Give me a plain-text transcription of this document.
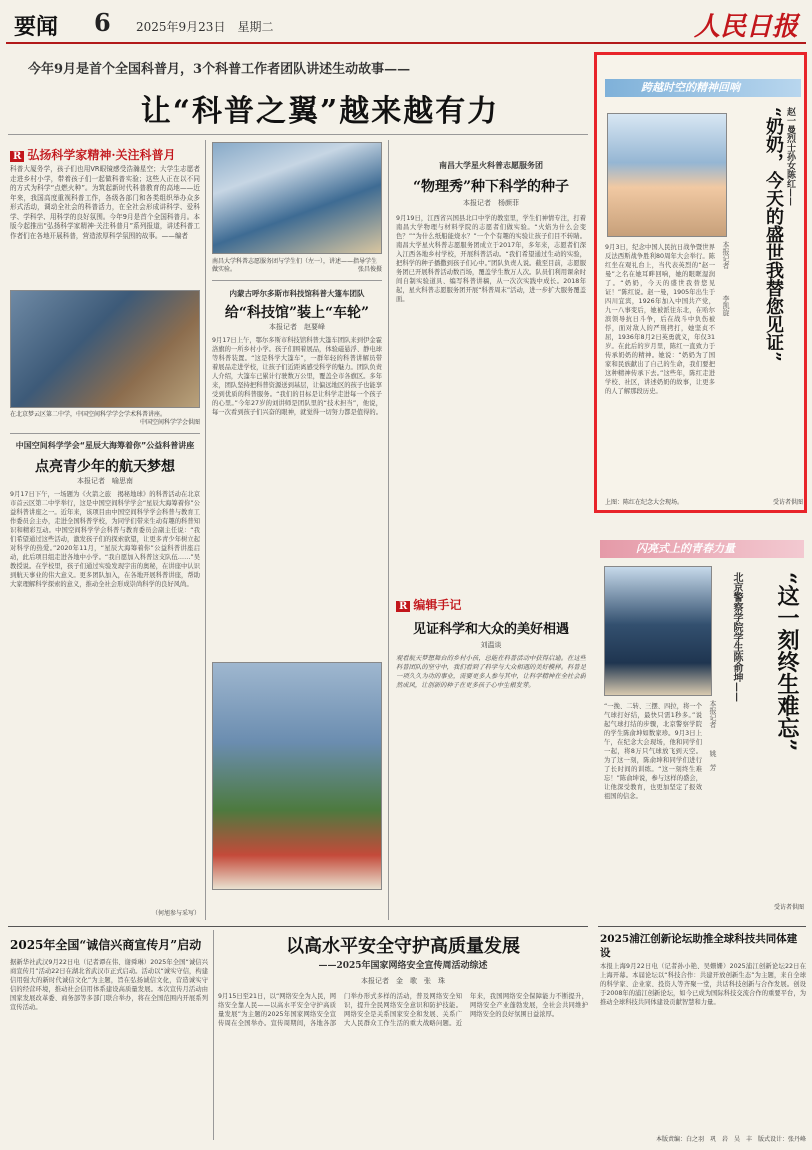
要闻 6 2025年9月23日　星期二	人民日报
今年9月是首个全国科普月，3个科普工作者团队讲述生动故事——
让“科普之翼”越来越有力
R 弘扬科学家精神·关注科普月
科普大厦务学，孩子们也用VR眼镜感受浩瀚星空；大学生志愿者走进乡村小学，带着孩子们一起做科普实验；这些人正在以不同的方式为科学“点燃火种”。为筑起新时代科普教育的高地——近年来，我国高度重视科普工作，各级各部门和各类组织举办众多形式活动，调动全社会的科普活力，在全社会形成讲科学、爱科学、学科学、用科学的良好氛围。今年9月是首个全国科普月。本版今起推出“弘扬科学家精神·关注科普月”系列报道，讲述科普工作者们在各地开展科普，营造浓厚科学氛围的故事。——编者
在北京梦云区第二中学，中国空间科学学会学术科普讲座。
中国空间科学学会供图
中国空间科学学会“星辰大海筹着你”公益科普讲座
点亮青少年的航天梦想
本报记者　喻思南
9月17日下午，一场题为《火箭之旅　揭秘地球》的科普活动在北京市首云区第二中学举行，这是中国空间科学学会“星辰大海筹着你”公益科普讲座之一。近年来，该项目由中国空间科学学会科普与教育工作委员会主办，走进全国科普学校，为同学们带来生动有趣的科普知识和精彩互动。中国空间科学学会科普与教育委员会副主任说：“我们希望通过这些活动，激发孩子们的探索欲望，让更多青少年树立起对科学的热爱。”2020年11月，“星辰大海筹着你”公益科普讲座启动，此后项目组走进各地中小学。“我自愿加入科普这支队伍……”吴教授说。在学校里，孩子们通过实验发现宇宙的奥秘，在讲座中认识到航天事业的伟大意义。更多团队加入，在各地开展科普讲座，帮助大家理解科学探索的意义，推动全社会形成崇尚科学的良好风尚。
（何旭参与采写）
南昌大学科普志愿服务团与学生们（左一），讲述——指导学生做实验。	张昌俊摄
内蒙古呼尔多斯市科技馆科普大篷车团队
给“科技馆”装上“车轮”
本报记者　赵要峰
9月17日上午，鄂尔多斯市科技馆科普大篷车团队来到伊金霍洛旗的一所乡村小学。孩子们围着展品，体验磁悬浮、静电球等科普装置。“这是科学大篷车”，一群年轻的科普讲解员带着展品走进学校，让孩子们近距离感受科学的魅力。团队负责人介绍，大篷车已累计行驶数万公里，覆盖全市各旗区。多年来，团队坚持把科普资源送到基层，让偏远地区的孩子也能享受到优质的科普服务。“我们的目标是让科学走进每一个孩子的心里。”今年27岁的刘讲师是团队里的“技术担当”，他说，每一次看到孩子们兴奋的眼神，就觉得一切努力都是值得的。
南昌大学星火科普志愿服务团
“物理秀”种下科学的种子
本报记者　杨颜菲
9月19日，江西省兴国县北口中学的教室里，学生们神情专注，打着南昌大学物理与材料学院的志愿者们做实验。“火焰为什么会变色？”“为什么纸船能烧水？”一个个有趣的实验让孩子们目不转睛。南昌大学星火科普志愿服务团成立于2017年，多年来，志愿者们深入江西各地乡村学校，开展科普活动。“我们希望通过生动的实验，把科学的种子播撒到孩子们心中。”团队负责人说。截至目前，志愿服务团已开展科普活动数百场，覆盖学生数万人次。队员们利用课余时间自制实验道具、编写科普讲稿，从一次次实践中成长。2018年起，星火科普志愿服务团开展“科普周末”活动，进一步扩大服务覆盖面。
R 编辑手记
见证科学和大众的美好相遇
刘温谈
观看航天梦想舞台的乡村小孩，总能在科普活动中获得启迪。在这些科普团队的坚守中，我们看到了科学与大众相遇的美好模样。科普是一项久久为功的事业，需要更多人参与其中，让科学精神在全社会蔚然成风，让创新的种子在更多孩子心中生根发芽。
2025年全国“诚信兴商宣传月”启动
据新华社武汉9月22日电（记者谭在伟、谢舜琳）2025年全国“诚信兴商宣传月”活动22日在湖北省武汉市正式启动。活动以“诚实守信，构建信用强大的新时代诚信文化”为主题，旨在弘扬诚信文化，营造诚实守信的经营环境，推动社会信用体系建设高质量发展。本次宣传月活动由国家发展改革委、商务部等多部门联合举办，将在全国范围内开展系列宣传活动。
以高水平安全守护高质量发展
——2025年国家网络安全宣传周活动综述
本报记者　金　歌　张　珠
9月15日至21日，以“网络安全为人民，网络安全靠人民——以高水平安全守护高质量发展”为主题的2025年国家网络安全宣传周在全国举办。宣传周期间，各地各部门举办形式多样的活动，普及网络安全知识，提升全民网络安全意识和防护技能。网络安全是关系国家安全和发展、关系广大人民群众工作生活的重大战略问题。近年来，我国网络安全保障能力不断提升，网络安全产业蓬勃发展，全社会共同维护网络安全的良好氛围日益浓厚。
跨越时空的精神回响
赵一曼烈士孙女陈红——
“奶奶，今天的盛世我替您见证”
本报记者
李凯旋
9月3日，纪念中国人民抗日战争暨世界反法西斯战争胜利80周年大会举行。陈红坐在观礼台上，当代表英烈的“赵一曼”之名在她耳畔回响，她的眼眶湿润了。“奶奶，今天的盛世我替您见证！”陈红说。赵一曼，1905年出生于四川宜宾，1926年加入中国共产党，九一八事变后，她被派往东北，在哈尔滨领导抗日斗争，后在战斗中负伤被俘，面对敌人的严刑拷打，她坚贞不屈，1936年8月2日英勇就义，年仅31岁。在此后的岁月里，陈红一直致力于传承奶奶的精神。她说：“奶奶为了国家和民族献出了自己的生命，我们要把这种精神传承下去。”这些年，陈红走进学校、社区，讲述奶奶的故事，让更多的人了解那段历史。
上图：陈红在纪念大会现场。	受访者供图
闪亮式上的青春力量
北京警察学院学生陈俞坤——	“这一刻终生难忘”
本报记者
姚　芳
“一挽、二转、三摆、四拉，将一个气球打好结，最快只需1秒多。”说起气球打结的步骤，北京警察学院的学生陈俞坤如数家珍。9月3日上午，在纪念大会现场，他和同学们一起，将8万只气球放飞到天空。为了这一刻，陈俞坤和同学们进行了长时间的训练。“这一刻终生难忘！”陈俞坤说，参与这样的盛会，让他深受教育，也更加坚定了报效祖国的信念。
受访者供图
2025浦江创新论坛助推全球科技共同体建设
本报上海9月22日电（记者孙小艳、吴姗姗）2025浦江创新论坛22日在上海开幕。本届论坛以“科技合作：共建开放创新生态”为主题，来自全球的科学家、企业家、投资人等齐聚一堂，共话科技创新与合作发展。创设于2008年的浦江创新论坛，如今已成为国际科技交流合作的重要平台，为推动全球科技共同体建设贡献智慧和力量。
本版责编：白之羽　巩　岩　吴　丰　版式设计：张丹峰
